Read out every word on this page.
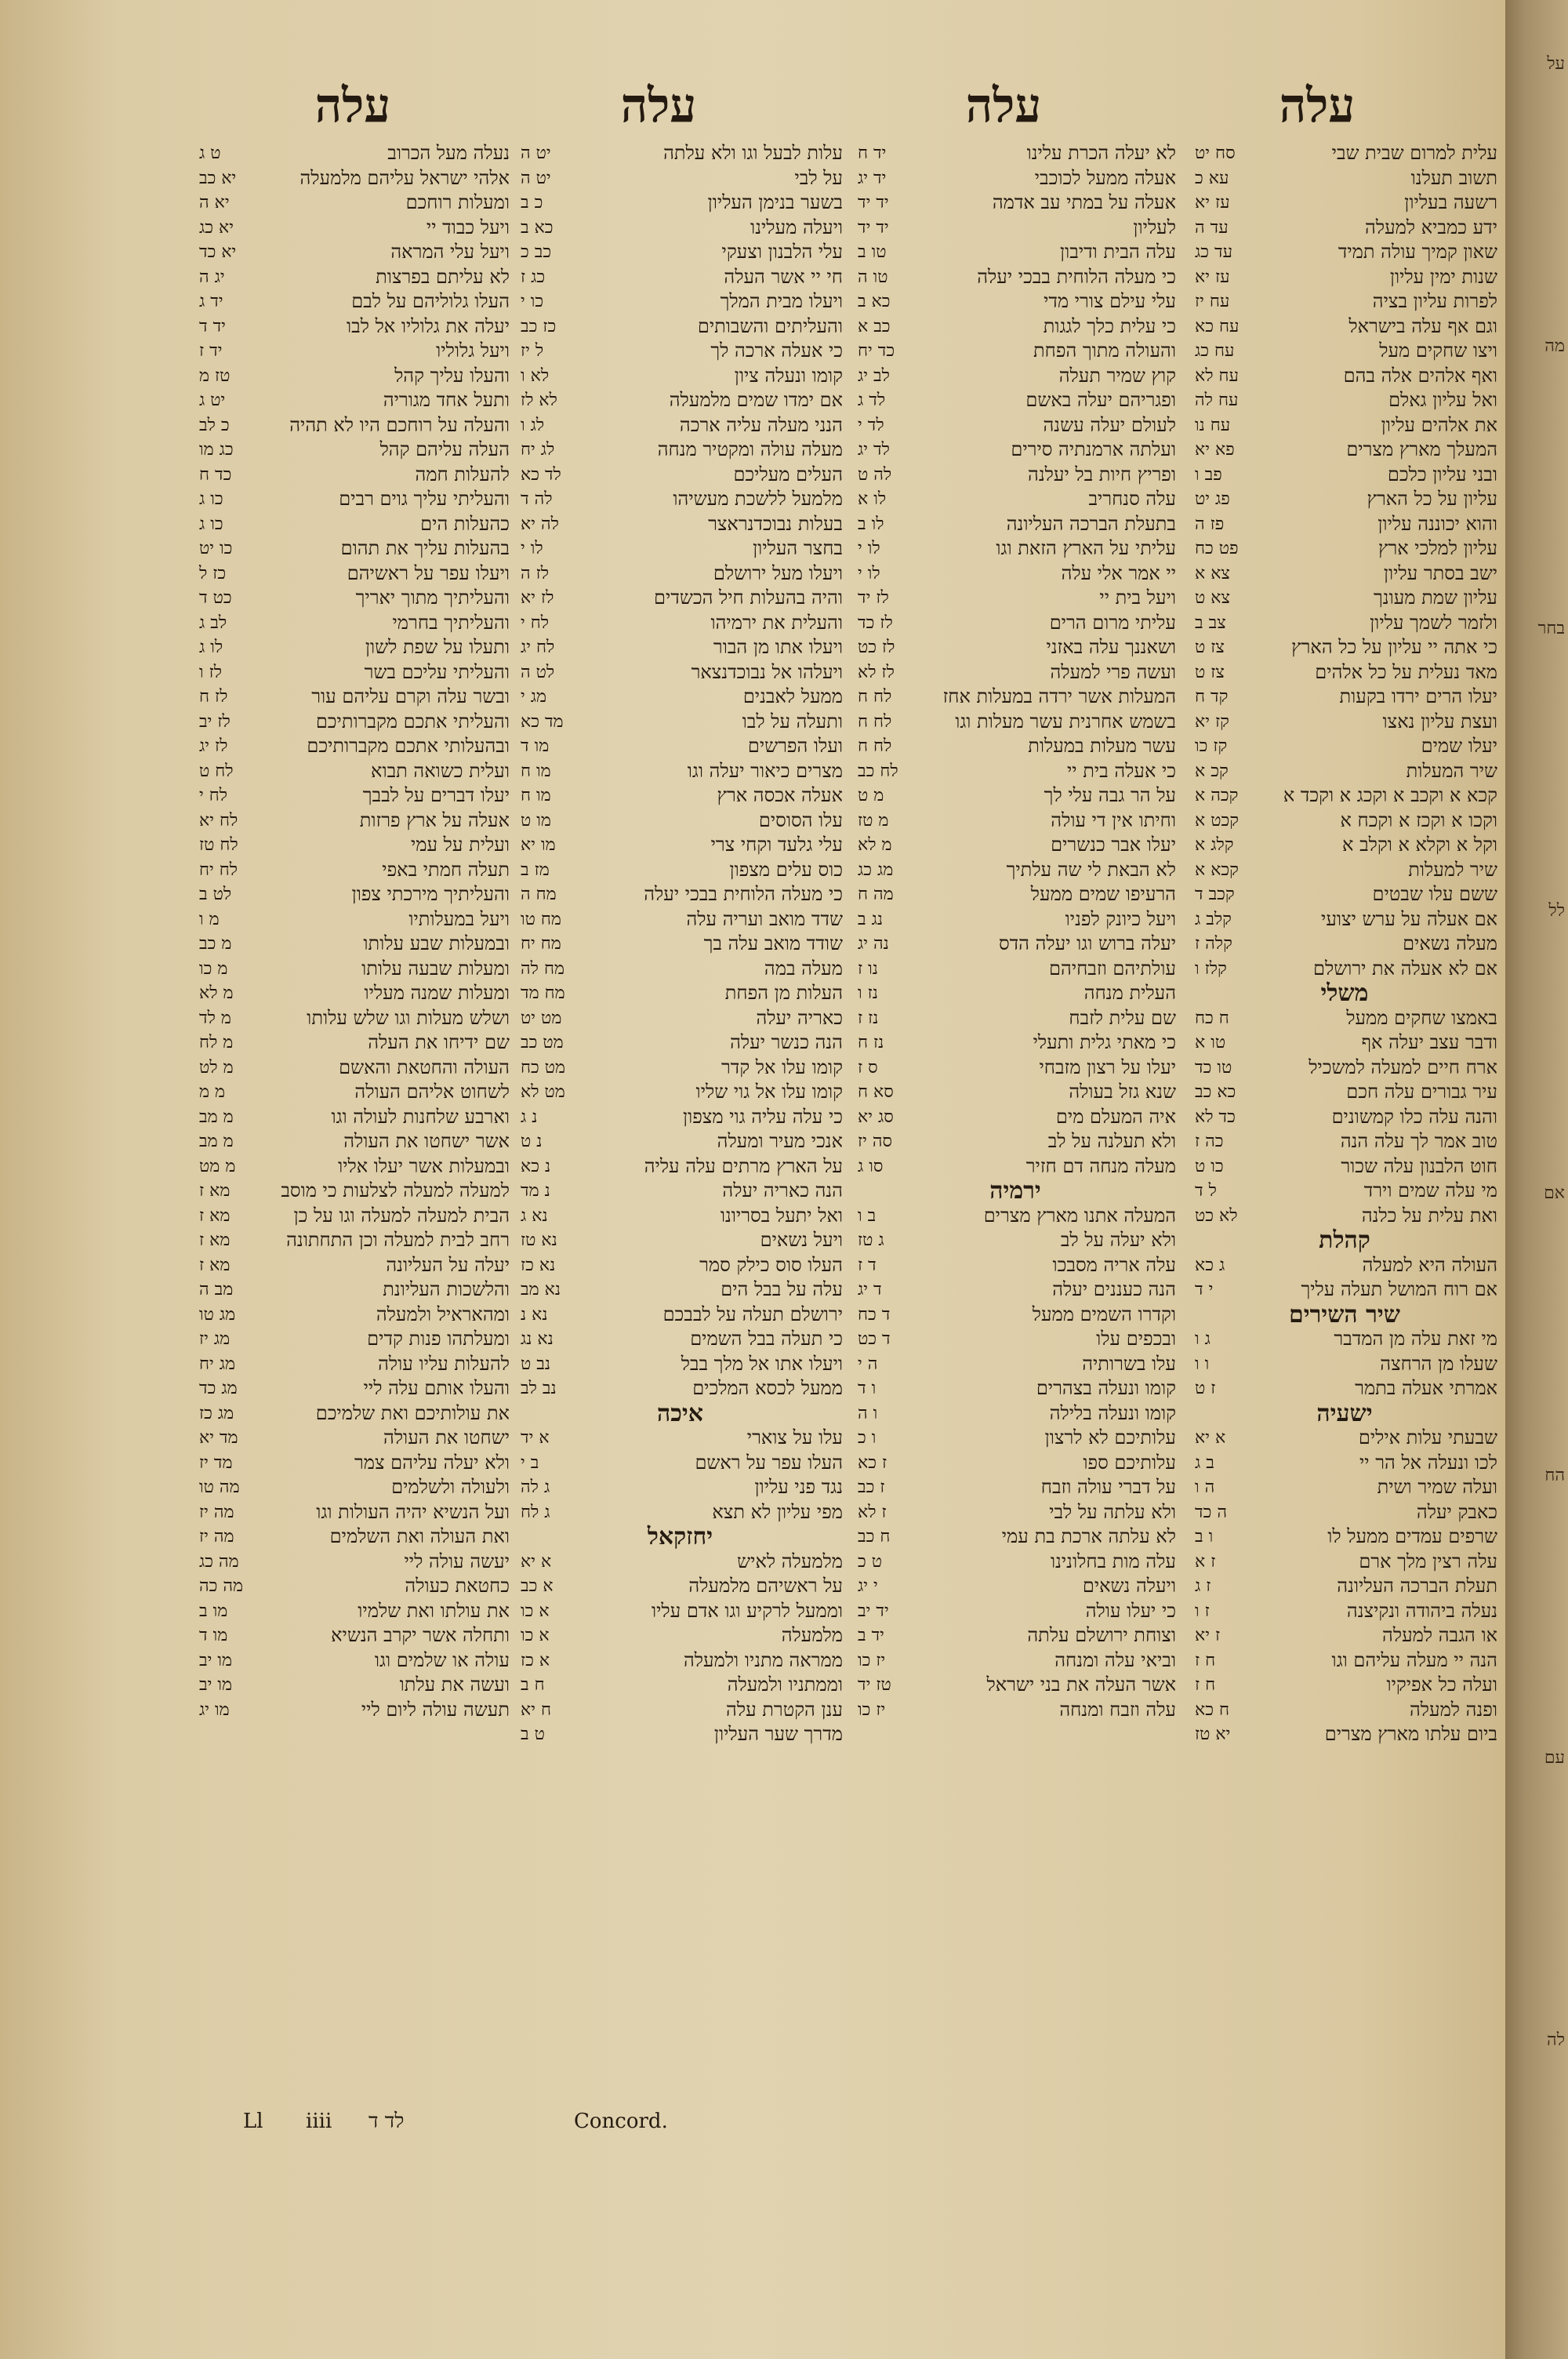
על
מה
בחר
לל
אם
הח
עם
לה
עלה
עלה
עלה
עלה
עלית למרום שבית שבי
סח יט
תשוב תעלנו
עא כ
רשעה בעליון
עז יא
ידע כמביא למעלה
עד ה
שאון קמיך עולה תמיד
עד כג
שנות ימין עליון
עז יא
לפרות עליון בציה
עח יז
וגם אף עלה בישראל
עח כא
ויצו שחקים מעל
עח כג
ואף אלהים אלה בהם
עח לא
ואל עליון גאלם
עח לה
את אלהים עליון
עח נו
המעלך מארץ מצרים
פא יא
ובני עליון כלכם
פב ו
עליון על כל הארץ
פג יט
והוא יכוננה עליון
פז ה
עליון למלכי ארץ
פט כח
ישב בסתר עליון
צא א
עליון שמת מעונך
צא ט
ולזמר לשמך עליון
צב ב
כי אתה יי עליון על כל הארץ
צז ט
מאד נעלית על כל אלהים
צז ט
יעלו הרים ירדו בקעות
קד ח
ועצת עליון נאצו
קז יא
יעלו שמים
קז כו
שיר המעלות
קכ א
קכא א וקכב א וקכג א וקכד א
קכה א
וקכו א וקכז א וקכח א
קכט א
וקל א וקלא א וקלב א
קלג א
שיר למעלות
קכא א
ששם עלו שבטים
קכב ד
אם אעלה על ערש יצועי
קלב ג
מעלה נשאים
קלה ז
אם לא אעלה את ירושלם
קלז ו
משלי
באמצו שחקים ממעל
ח כח
ודבר עצב יעלה אף
טו א
ארח חיים למעלה למשכיל
טו כד
עיר גבורים עלה חכם
כא כב
והנה עלה כלו קמשונים
כד לא
טוב אמר לך עלה הנה
כה ז
חוט הלבנון עלה שכור
כו ט
מי עלה שמים וירד
ל ד
ואת עלית על כלנה
לא כט
קהלת
העולה היא למעלה
ג כא
אם רוח המושל תעלה עליך
י ד
שיר השירים
מי זאת עלה מן המדבר
ג ו
שעלו מן הרחצה
ו ו
אמרתי אעלה בתמר
ז ט
ישעיה
שבעתי עלות אילים
א יא
לכו ונעלה אל הר יי
ב ג
ועלה שמיר ושית
ה ו
כאבק יעלה
ה כד
שרפים עמדים ממעל לו
ו ב
עלה רצין מלך ארם
ז א
תעלת הברכה העליונה
ז ג
נעלה ביהודה ונקיצנה
ז ו
או הגבה למעלה
ז יא
הנה יי מעלה עליהם וגו
ח ז
ועלה כל אפיקיו
ח ז
ופנה למעלה
ח כא
ביום עלתו מארץ מצרים
יא טז
לא יעלה הכרת עלינו
יד ח
אעלה ממעל לכוכבי
יד יג
אעלה על במתי עב אדמה
יד יד
לעליון
יד יד
עלה הבית ודיבון
טו ב
כי מעלה הלוחית בבכי יעלה
טו ה
עלי עילם צורי מדי
כא ב
כי עלית כלך לגגות
כב א
והעולה מתוך הפחת
כד יח
קוץ שמיר תעלה
לב יג
ופגריהם יעלה באשם
לד ג
לעולם יעלה עשנה
לד י
ועלתה ארמנתיה סירים
לד יג
ופריץ חיות בל יעלנה
לה ט
עלה סנחריב
לו א
בתעלת הברכה העליונה
לו ב
עליתי על הארץ הזאת וגו
לו י
יי אמר אלי עלה
לו י
ויעל בית יי
לז יד
עליתי מרום הרים
לז כד
ושאננך עלה באזני
לז כט
ועשה פרי למעלה
לז לא
המעלות אשר ירדה במעלות אחז
לח ח
בשמש אחרנית עשר מעלות וגו
לח ח
עשר מעלות במעלות
לח ח
כי אעלה בית יי
לח כב
על הר גבה עלי לך
מ ט
וחיתו אין די עולה
מ טז
יעלו אבר כנשרים
מ לא
לא הבאת לי שה עלתיך
מג כג
הרעיפו שמים ממעל
מה ח
ויעל כיונק לפניו
נג ב
יעלה ברוש וגו יעלה הדס
נה יג
עולתיהם וזבחיהם
נו ז
העלית מנחה
נז ו
שם עלית לזבח
נז ז
כי מאתי גלית ותעלי
נז ח
יעלו על רצון מזבחי
ס ז
שנא גזל בעולה
סא ח
איה המעלם מים
סג יא
ולא תעלנה על לב
סה יז
מעלה מנחה דם חזיר
סו ג
ירמיה
המעלה אתנו מארץ מצרים
ב ו
ולא יעלה על לב
ג טז
עלה אריה מסבכו
ד ז
הנה כעננים יעלה
ד יג
וקדרו השמים ממעל
ד כח
ובכפים עלו
ד כט
עלו בשרותיה
ה י
קומו ונעלה בצהרים
ו ד
קומו ונעלה בלילה
ו ה
עלותיכם לא לרצון
ו כ
עלותיכם ספו
ז כא
על דברי עולה וזבח
ז כב
ולא עלתה על לבי
ז לא
לא עלתה ארכת בת עמי
ח כב
עלה מות בחלונינו
ט כ
ויעלה נשאים
י יג
כי יעלו עולה
יד יב
וצוחת ירושלם עלתה
יד ב
וביאי עלה ומנחה
יז כו
אשר העלה את בני ישראל
טז יד
עלה וזבח ומנחה
יז כו
עלות לבעל וגו ולא עלתה
יט ה
על לבי
יט ה
בשער בנימן העליון
כ ב
ויעלה מעלינו
כא ב
עלי הלבנון וצעקי
כב כ
חי יי אשר העלה
כג ז
ויעלו מבית המלך
כו י
והעליתים והשבותים
כז כב
כי אעלה ארכה לך
ל יז
קומו ונעלה ציון
לא ו
אם ימדו שמים מלמעלה
לא לז
הנני מעלה עליה ארכה
לג ו
מעלה עולה ומקטיר מנחה
לג יח
העלים מעליכם
לד כא
מלמעל ללשכת מעשיהו
לה ד
בעלות נבוכדנראצר
לה יא
בחצר העליון
לו י
ויעלו מעל ירושלם
לז ה
והיה בהעלות חיל הכשדים
לז יא
והעלית את ירמיהו
לח י
ויעלו אתו מן הבור
לח יג
ויעלהו אל נבוכדנצאר
לט ה
ממעל לאבנים
מג י
ותעלה על לבו
מד כא
ועלו הפרשים
מו ד
מצרים כיאור יעלה וגו
מו ח
אעלה אכסה ארץ
מו ח
עלו הסוסים
מו ט
עלי גלעד וקחי צרי
מו יא
כוס עלים מצפון
מז ב
כי מעלה הלוחית בבכי יעלה
מח ה
שדד מואב ועריה עלה
מח טו
שודד מואב עלה בך
מח יח
מעלה במה
מח לה
העלות מן הפחת
מח מד
כאריה יעלה
מט יט
הנה כנשר יעלה
מט כב
קומו עלו אל קדר
מט כח
קומו עלו אל גוי שליו
מט לא
כי עלה עליה גוי מצפון
נ ג
אנכי מעיר ומעלה
נ ט
על הארץ מרתים עלה עליה
נ כא
הנה כאריה יעלה
נ מד
ואל יתעל בסריונו
נא ג
ויעל נשאים
נא טז
העלו סוס כילק סמר
נא כז
עלה על בבל הים
נא מב
ירושלם תעלה על לבבכם
נא נ
כי תעלה בבל השמים
נא נג
ויעלו אתו אל מלך בבל
נב ט
ממעל לכסא המלכים
נב לב
איכה
עלו על צוארי
א יד
העלו עפר על ראשם
ב י
נגד פני עליון
ג לה
מפי עליון לא תצא
ג לח
יחזקאל
מלמעלה לאיש
א יא
על ראשיהם מלמעלה
א כב
וממעל לרקיע וגו אדם עליו
א כו
מלמעלה
א כו
ממראה מתניו ולמעלה
א כז
וממתניו ולמעלה
ח ב
ענן הקטרת עלה
ח יא
מדרך שער העליון
ט ב
נעלה מעל הכרוב
ט ג
אלהי ישראל עליהם מלמעלה
יא כב
ומעלות רוחכם
יא ה
ויעל כבוד יי
יא כג
ויעל עלי המראה
יא כד
לא עליתם בפרצות
יג ה
העלו גלוליהם על לבם
יד ג
יעלה את גלוליו אל לבו
יד ד
ויעל גלוליו
יד ז
והעלו עליך קהל
טז מ
ותעל אחד מגוריה
יט ג
והעלה על רוחכם היו לא תהיה
כ לב
העלה עליהם קהל
כג מו
להעלות חמה
כד ח
והעליתי עליך גוים רבים
כו ג
כהעלות הים
כו ג
בהעלות עליך את תהום
כו יט
ויעלו עפר על ראשיהם
כז ל
והעליתיך מתוך יאריך
כט ד
והעליתיך בחרמי
לב ג
ותעלו על שפת לשון
לו ג
והעליתי עליכם בשר
לז ו
ובשר עלה וקרם עליהם עור
לז ח
והעליתי אתכם מקברותיכם
לז יב
ובהעלותי אתכם מקברותיכם
לז יג
ועלית כשואה תבוא
לח ט
יעלו דברים על לבבך
לח י
אעלה על ארץ פרזות
לח יא
ועלית על עמי
לח טז
תעלה חמתי באפי
לח יח
והעליתיך מירכתי צפון
לט ב
ויעל במעלותיו
מ ו
ובמעלות שבע עלותו
מ כב
ומעלות שבעה עלותו
מ כו
ומעלות שמנה מעליו
מ לא
ושלש מעלות וגו שלש עלותו
מ לד
שם ידיחו את העלה
מ לח
העולה והחטאת והאשם
מ לט
לשחוט אליהם העולה
מ מ
וארבע שלחנות לעולה וגו
מ מב
אשר ישחטו את העולה
מ מב
ובמעלות אשר יעלו אליו
מ מט
למעלה למעלה לצלעות כי מוסב
מא ז
הבית למעלה למעלה וגו על כן
מא ז
רחב לבית למעלה וכן התחתונה
מא ז
יעלה על העליונה
מא ז
והלשכות העליונת
מב ה
ומהאראיל ולמעלה
מג טו
ומעלתהו פנות קדים
מג יז
להעלות עליו עולה
מג יח
והעלו אותם עלה ליי
מג כד
את עולותיכם ואת שלמיכם
מג כז
ישחטו את העולה
מד יא
ולא יעלה עליהם צמר
מד יז
ולעולה ולשלמים
מה טו
ועל הנשיא יהיה העולות וגו
מה יז
ואת העולה ואת השלמים
מה יז
יעשה עולה ליי
מה כג
כחטאת כעולה
מה כה
את עולתו ואת שלמיו
מו ב
ותחלה אשר יקרב הנשיא
מו ד
עולה או שלמים וגו
מו יב
ועשה את עלתו
מו יב
תעשה עולה ליום ליי
מו יג
Ll iiii לד ד	Concord.
